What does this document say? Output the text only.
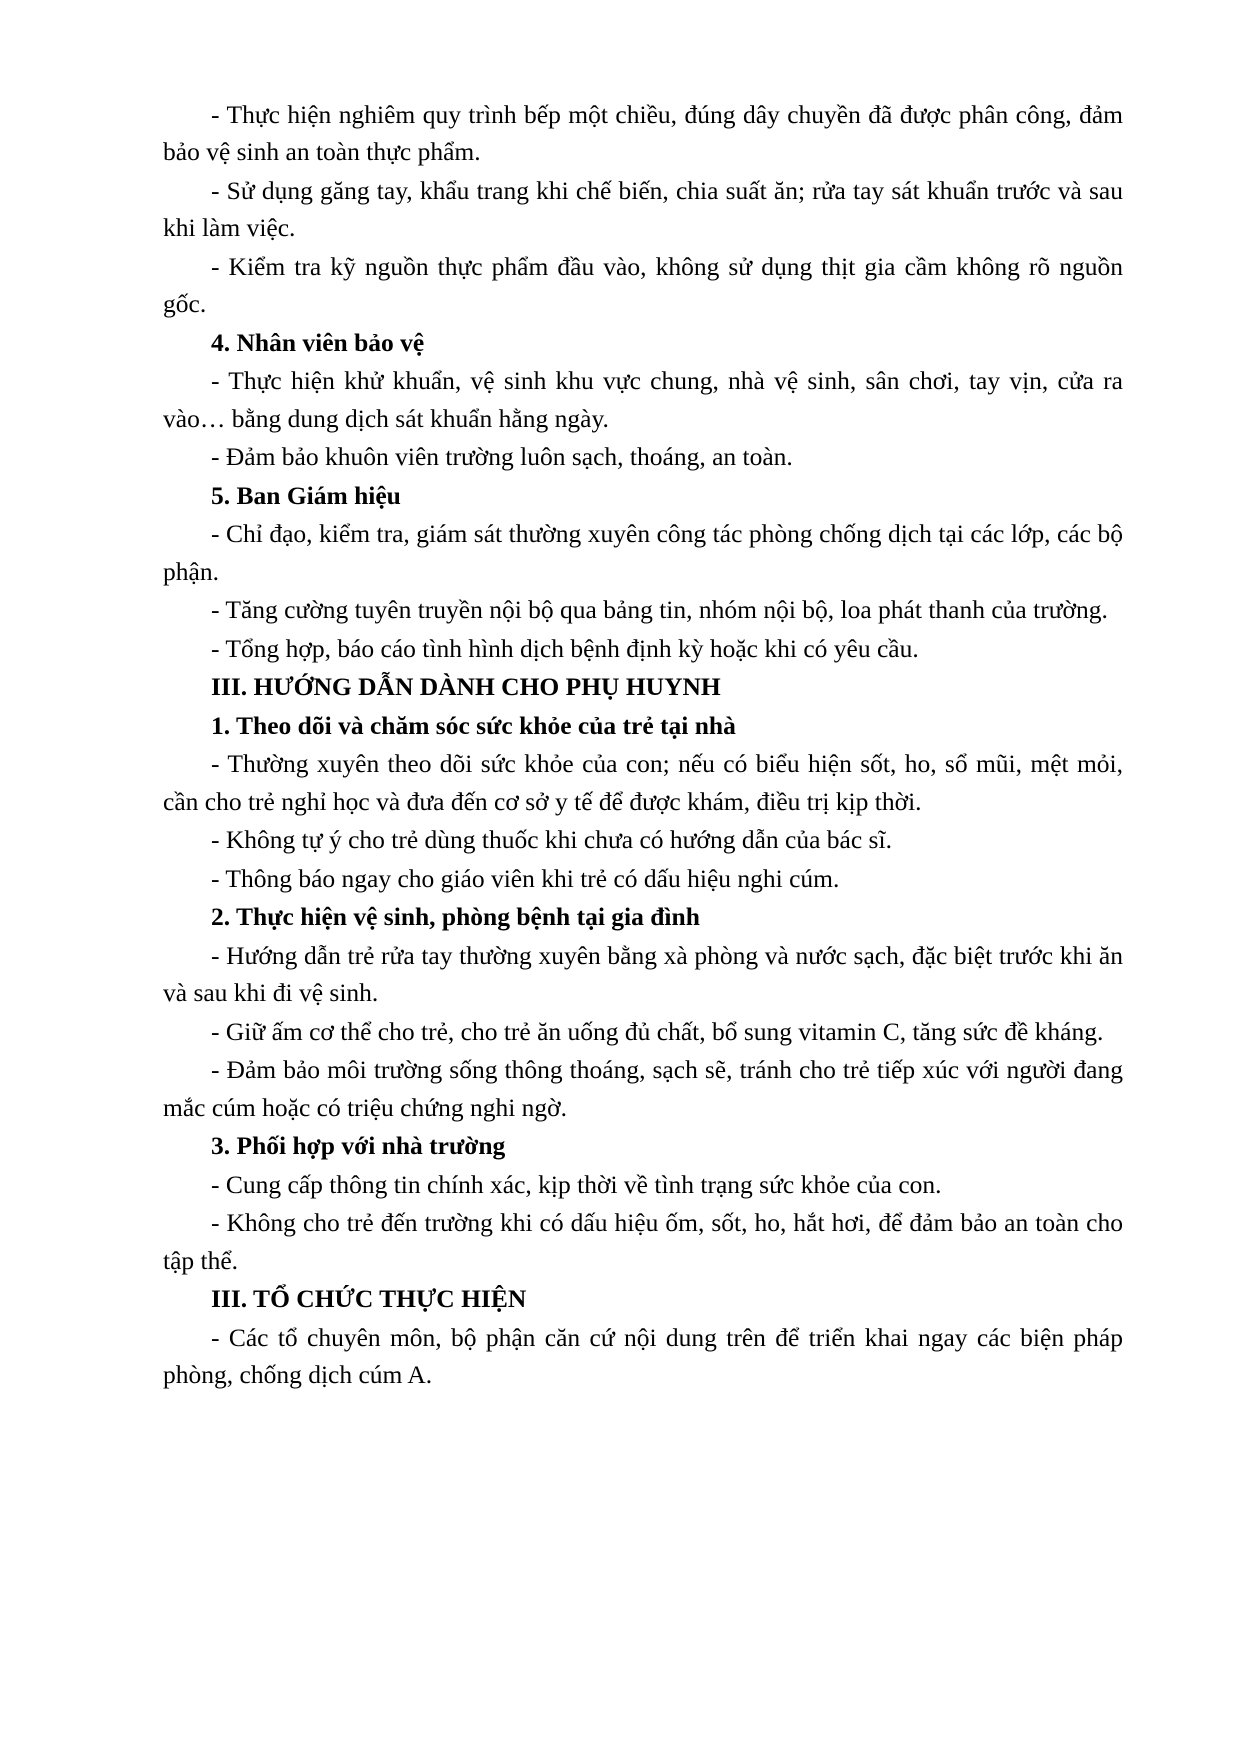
- Thực hiện nghiêm quy trình bếp một chiều, đúng dây chuyền đã được phân công, đảm bảo vệ sinh an toàn thực phẩm.

- Sử dụng găng tay, khẩu trang khi chế biến, chia suất ăn; rửa tay sát khuẩn trước và sau khi làm việc.

- Kiểm tra kỹ nguồn thực phẩm đầu vào, không sử dụng thịt gia cầm không rõ nguồn gốc.

4. Nhân viên bảo vệ

- Thực hiện khử khuẩn, vệ sinh khu vực chung, nhà vệ sinh, sân chơi, tay vịn, cửa ra vào… bằng dung dịch sát khuẩn hằng ngày.

- Đảm bảo khuôn viên trường luôn sạch, thoáng, an toàn.

5. Ban Giám hiệu

- Chỉ đạo, kiểm tra, giám sát thường xuyên công tác phòng chống dịch tại các lớp, các bộ phận.

- Tăng cường tuyên truyền nội bộ qua bảng tin, nhóm nội bộ, loa phát thanh của trường.

- Tổng hợp, báo cáo tình hình dịch bệnh định kỳ hoặc khi có yêu cầu.

III. HƯỚNG DẪN DÀNH CHO PHỤ HUYNH

1. Theo dõi và chăm sóc sức khỏe của trẻ tại nhà

- Thường xuyên theo dõi sức khỏe của con; nếu có biểu hiện sốt, ho, sổ mũi, mệt mỏi, cần cho trẻ nghỉ học và đưa đến cơ sở y tế để được khám, điều trị kịp thời.

- Không tự ý cho trẻ dùng thuốc khi chưa có hướng dẫn của bác sĩ.

- Thông báo ngay cho giáo viên khi trẻ có dấu hiệu nghi cúm.

2. Thực hiện vệ sinh, phòng bệnh tại gia đình

- Hướng dẫn trẻ rửa tay thường xuyên bằng xà phòng và nước sạch, đặc biệt trước khi ăn và sau khi đi vệ sinh.

- Giữ ấm cơ thể cho trẻ, cho trẻ ăn uống đủ chất, bổ sung vitamin C, tăng sức đề kháng.

- Đảm bảo môi trường sống thông thoáng, sạch sẽ, tránh cho trẻ tiếp xúc với người đang mắc cúm hoặc có triệu chứng nghi ngờ.

3. Phối hợp với nhà trường

- Cung cấp thông tin chính xác, kịp thời về tình trạng sức khỏe của con.

- Không cho trẻ đến trường khi có dấu hiệu ốm, sốt, ho, hắt hơi, để đảm bảo an toàn cho tập thể.

III. TỔ CHỨC THỰC HIỆN

- Các tổ chuyên môn, bộ phận căn cứ nội dung trên để triển khai ngay các biện pháp phòng, chống dịch cúm A.
